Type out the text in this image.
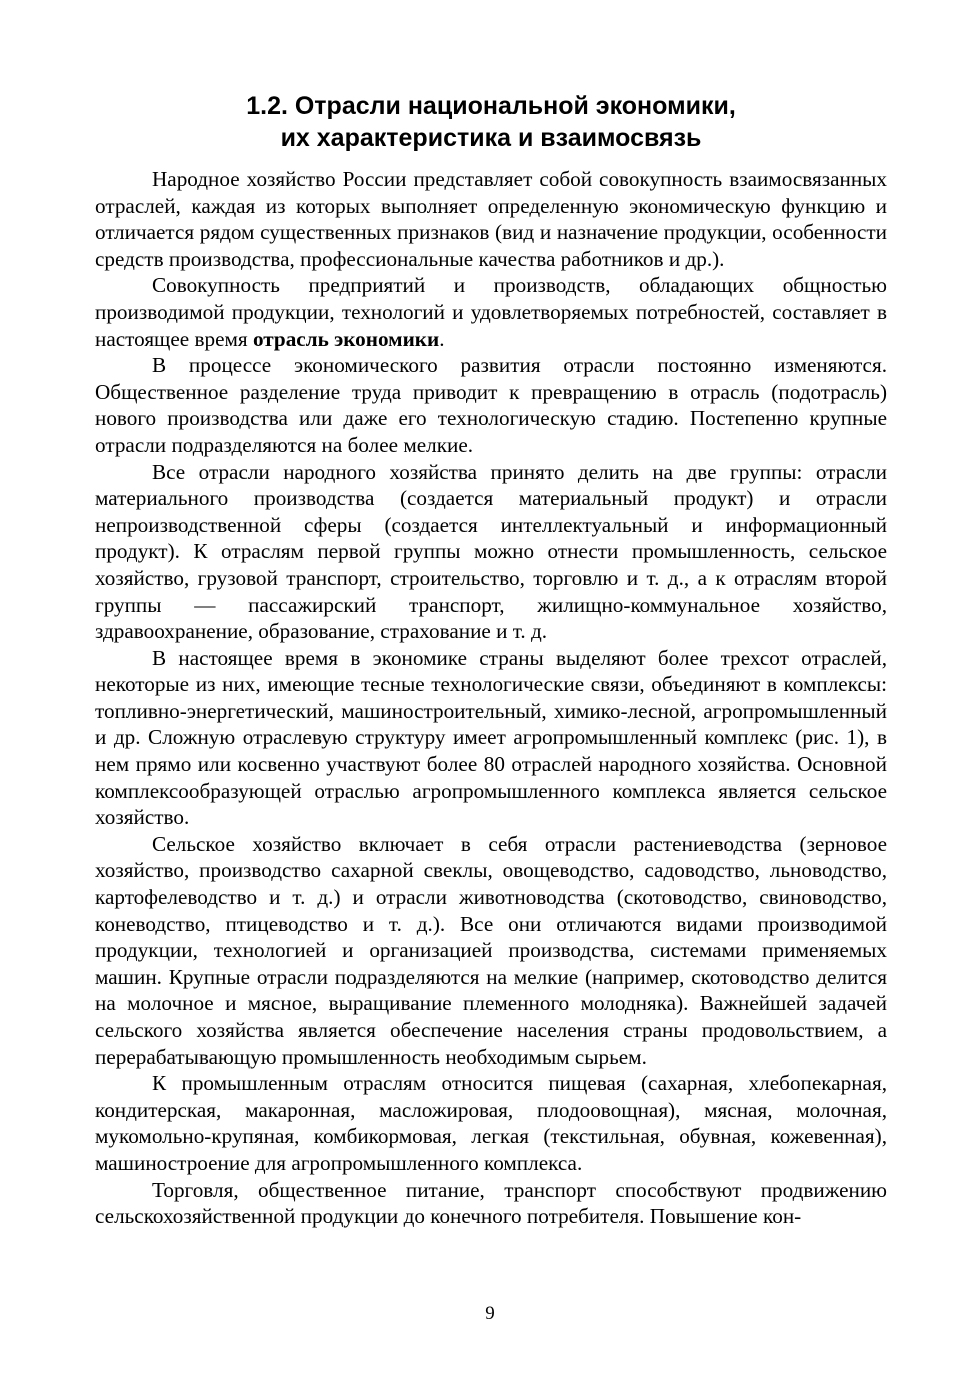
1.2. Отрасли национальной экономики,
их характеристика и взаимосвязь

Народное хозяйство России представляет собой совокупность взаимосвязанных отраслей, каждая из которых выполняет определенную экономическую функцию и отличается рядом существенных признаков (вид и назначение продукции, особенности средств производства, профессиональные качества работников и др.).

Совокупность предприятий и производств, обладающих общностью производимой продукции, технологий и удовлетворяемых потребностей, составляет в настоящее время отрасль экономики.

В процессе экономического развития отрасли постоянно изменяются. Общественное разделение труда приводит к превращению в отрасль (подотрасль) нового производства или даже его технологическую стадию. Постепенно крупные отрасли подразделяются на более мелкие.

Все отрасли народного хозяйства принято делить на две группы: отрасли материального производства (создается материальный продукт) и отрасли непроизводственной сферы (создается интеллектуальный и информационный продукт). К отраслям первой группы можно отнести промышленность, сельское хозяйство, грузовой транспорт, строительство, торговлю и т. д., а к отраслям второй группы — пассажирский транспорт, жилищно-коммунальное хозяйство, здравоохранение, образование, страхование и т. д.

В настоящее время в экономике страны выделяют более трехсот отраслей, некоторые из них, имеющие тесные технологические связи, объединяют в комплексы: топливно-энергетический, машиностроительный, химико-лесной, агропромышленный и др. Сложную отраслевую структуру имеет агропромышленный комплекс (рис. 1), в нем прямо или косвенно участвуют более 80 отраслей народного хозяйства. Основной комплексообразующей отраслью агропромышленного комплекса является сельское хозяйство.

Сельское хозяйство включает в себя отрасли растениеводства (зерновое хозяйство, производство сахарной свеклы, овощеводство, садоводство, льноводство, картофелеводство и т. д.) и отрасли животноводства (скотоводство, свиноводство, коневодство, птицеводство и т. д.). Все они отличаются видами производимой продукции, технологией и организацией производства, системами применяемых машин. Крупные отрасли подразделяются на мелкие (например, скотоводство делится на молочное и мясное, выращивание племенного молодняка). Важнейшей задачей сельского хозяйства является обеспечение населения страны продовольствием, а перерабатывающую промышленность необходимым сырьем.

К промышленным отраслям относится пищевая (сахарная, хлебопекарная, кондитерская, макаронная, масложировая, плодоовощная), мясная, молочная, мукомольно-крупяная, комбикормовая, легкая (текстильная, обувная, кожевенная), машиностроение для агропромышленного комплекса.

Торговля, общественное питание, транспорт способствуют продвижению сельскохозяйственной продукции до конечного потребителя. Повышение кон-

9
